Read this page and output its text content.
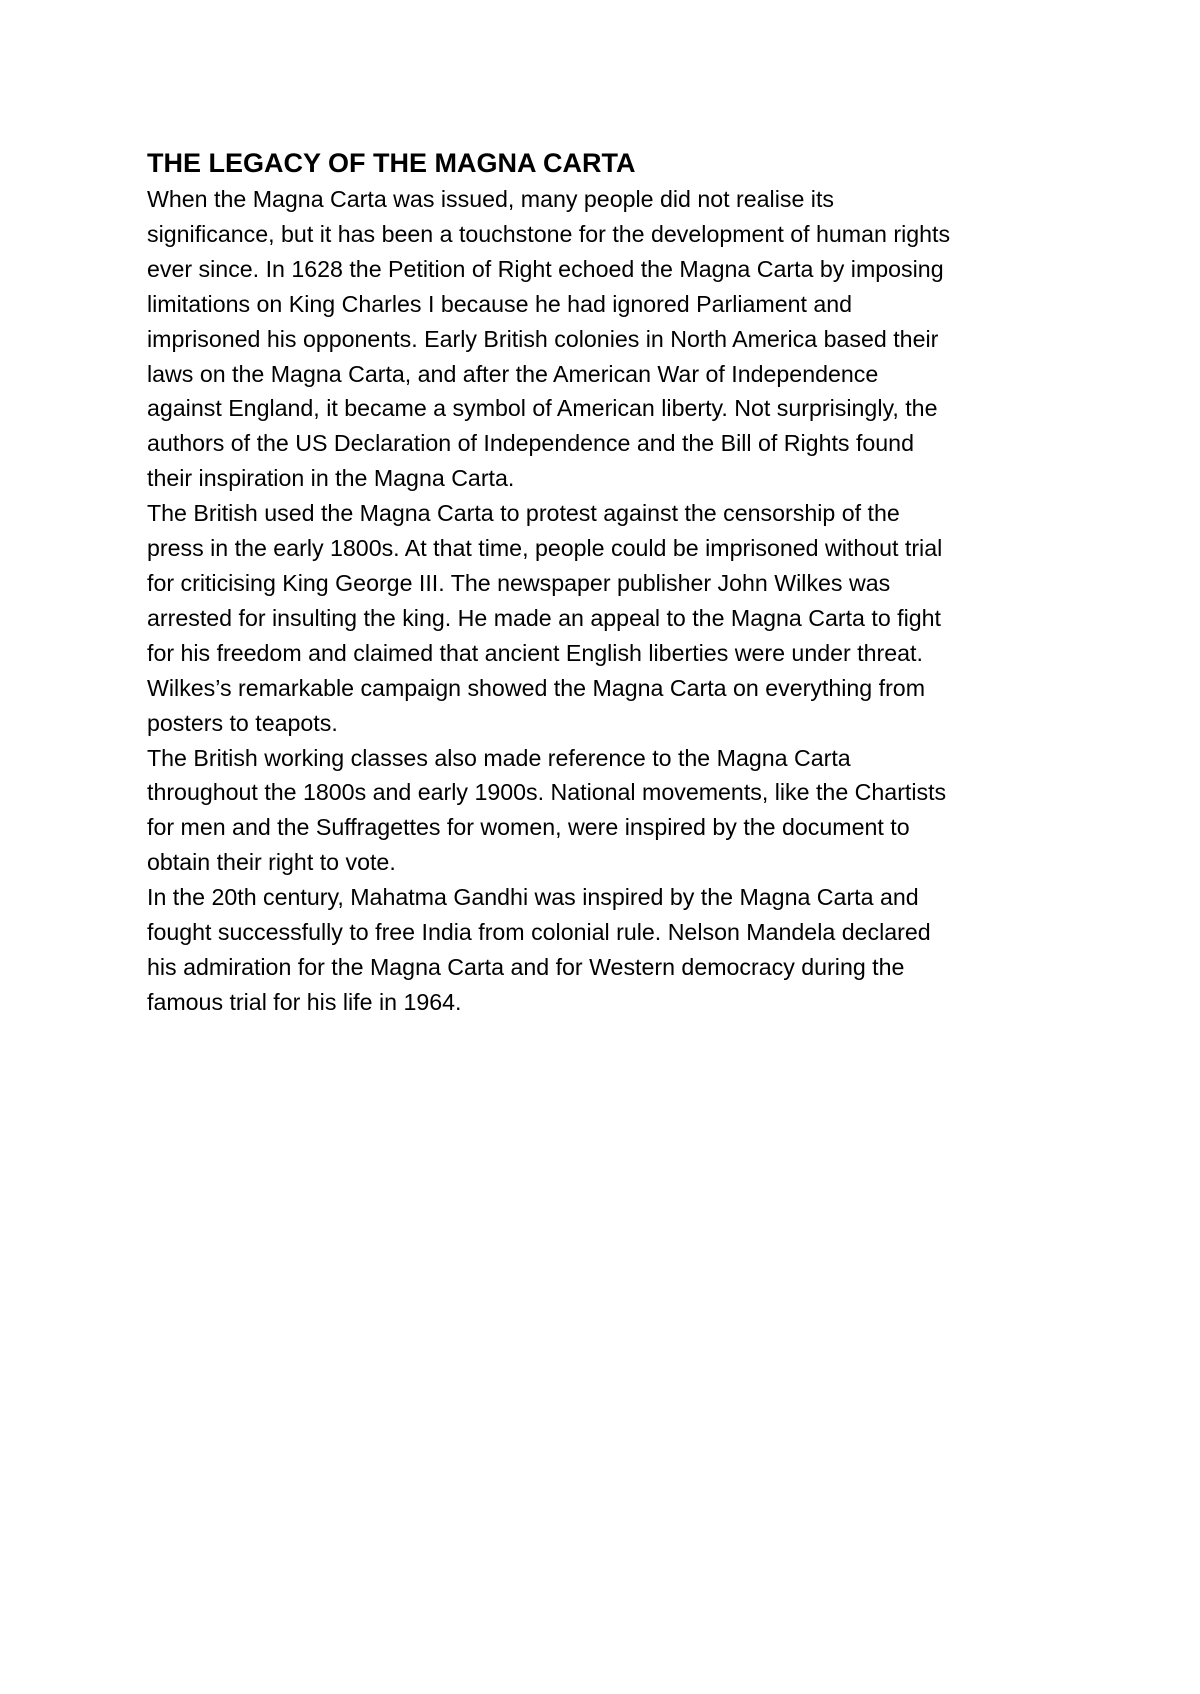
THE LEGACY OF THE MAGNA CARTA

When the Magna Carta was issued, many people did not realise its

significance, but it has been a touchstone for the development of human rights

ever since. In 1628 the Petition of Right echoed the Magna Carta by imposing

limitations on King Charles I because he had ignored Parliament and

imprisoned his opponents. Early British colonies in North America based their

laws on the Magna Carta, and after the American War of Independence

against England, it became a symbol of American liberty. Not surprisingly, the

authors of the US Declaration of Independence and the Bill of Rights found

their inspiration in the Magna Carta.

The British used the Magna Carta to protest against the censorship of the

press in the early 1800s. At that time, people could be imprisoned without trial

for criticising King George III. The newspaper publisher John Wilkes was

arrested for insulting the king. He made an appeal to the Magna Carta to fight

for his freedom and claimed that ancient English liberties were under threat.

Wilkes’s remarkable campaign showed the Magna Carta on everything from

posters to teapots.

The British working classes also made reference to the Magna Carta

throughout the 1800s and early 1900s. National movements, like the Chartists

for men and the Suffragettes for women, were inspired by the document to

obtain their right to vote.

In the 20th century, Mahatma Gandhi was inspired by the Magna Carta and

fought successfully to free India from colonial rule. Nelson Mandela declared

his admiration for the Magna Carta and for Western democracy during the

famous trial for his life in 1964.
